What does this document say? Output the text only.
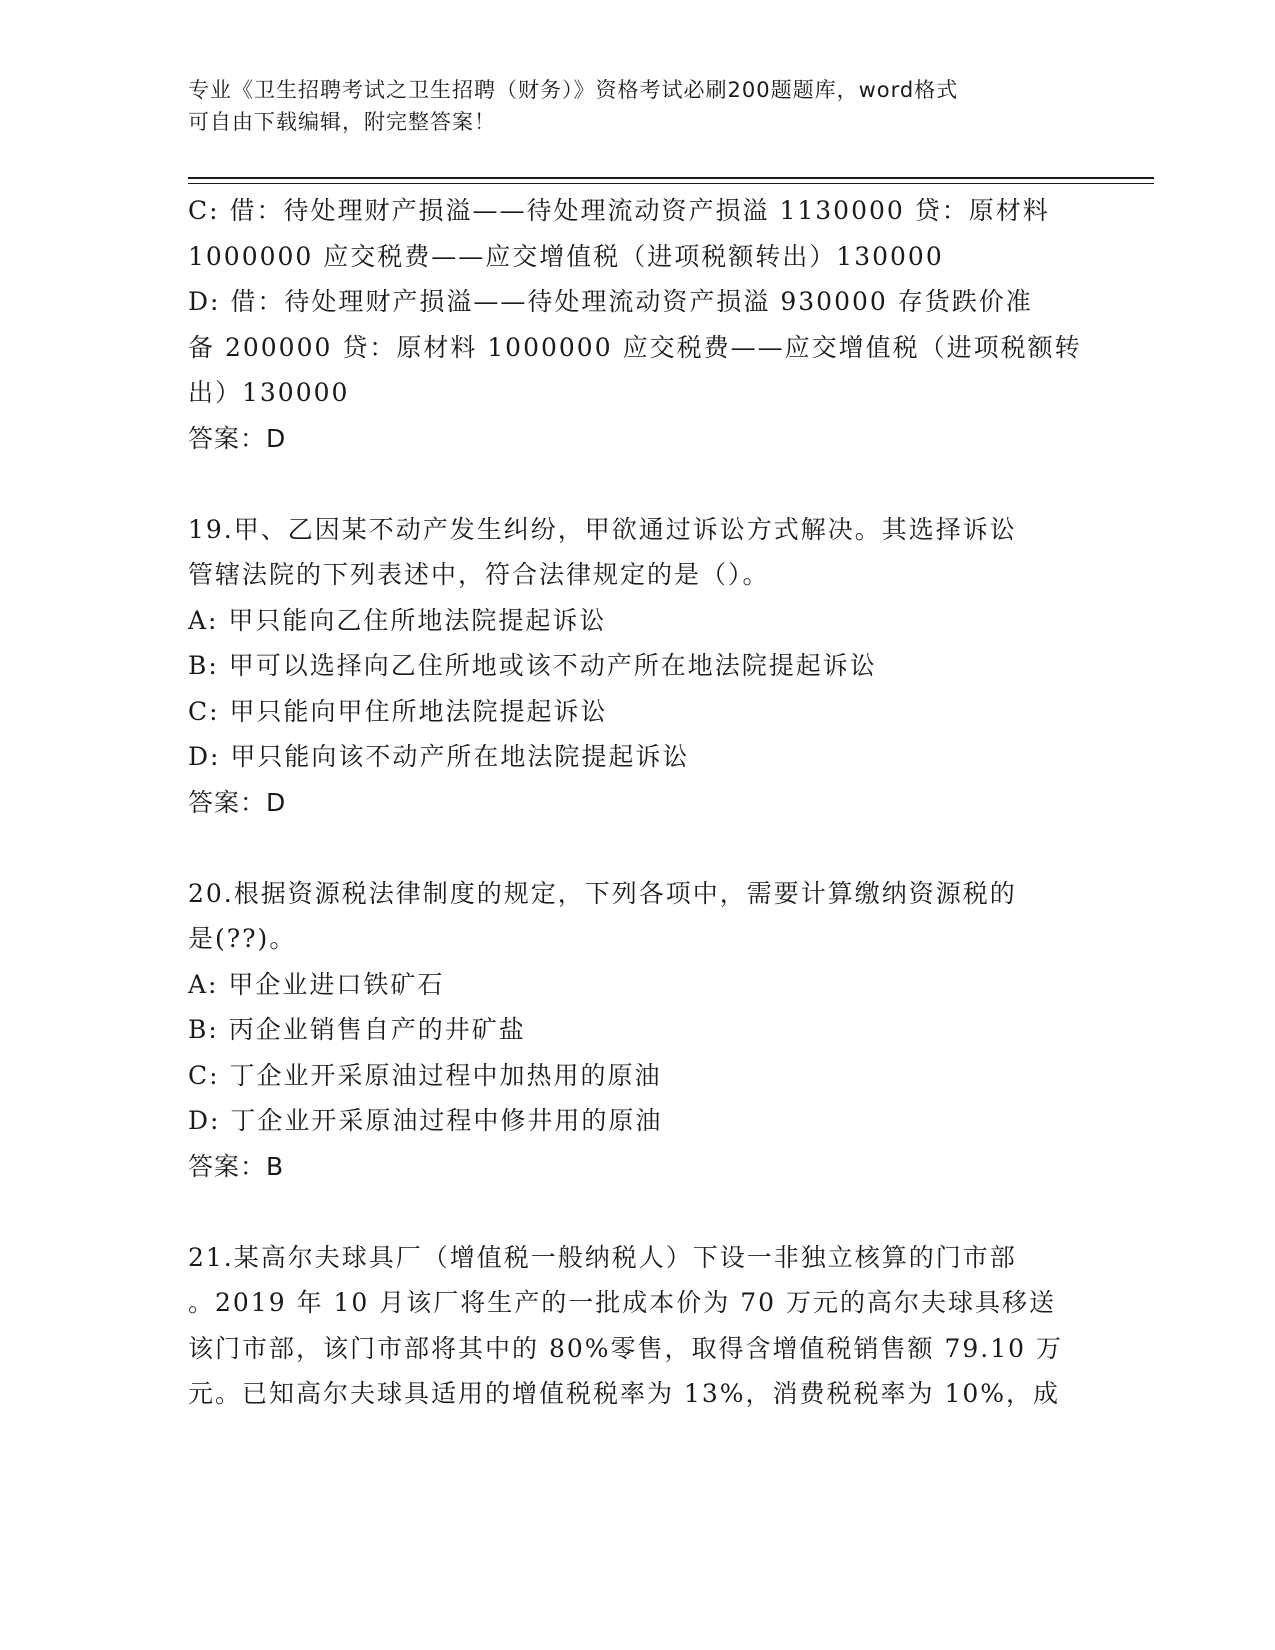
专业《卫生招聘考试之卫生招聘（财务）》资格考试必刷200题题库，word格式
可自由下载编辑，附完整答案！
C: 借：待处理财产损溢——待处理流动资产损溢 1130000 贷：原材料
1000000 应交税费——应交增值税（进项税额转出）130000
D: 借：待处理财产损溢——待处理流动资产损溢 930000 存货跌价准
备 200000 贷：原材料 1000000 应交税费——应交增值税（进项税额转
出）130000
答案：D
19.甲、乙因某不动产发生纠纷，甲欲通过诉讼方式解决。其选择诉讼
管辖法院的下列表述中，符合法律规定的是（）。
A: 甲只能向乙住所地法院提起诉讼
B: 甲可以选择向乙住所地或该不动产所在地法院提起诉讼
C: 甲只能向甲住所地法院提起诉讼
D: 甲只能向该不动产所在地法院提起诉讼
答案：D
20.根据资源税法律制度的规定，下列各项中，需要计算缴纳资源税的
是(??)。
A: 甲企业进口铁矿石
B: 丙企业销售自产的井矿盐
C: 丁企业开采原油过程中加热用的原油
D: 丁企业开采原油过程中修井用的原油
答案：B
21.某高尔夫球具厂（增值税一般纳税人）下设一非独立核算的门市部
。2019 年 10 月该厂将生产的一批成本价为 70 万元的高尔夫球具移送
该门市部，该门市部将其中的 80%零售，取得含增值税销售额 79.10 万
元。已知高尔夫球具适用的增值税税率为 13%，消费税税率为 10%，成
